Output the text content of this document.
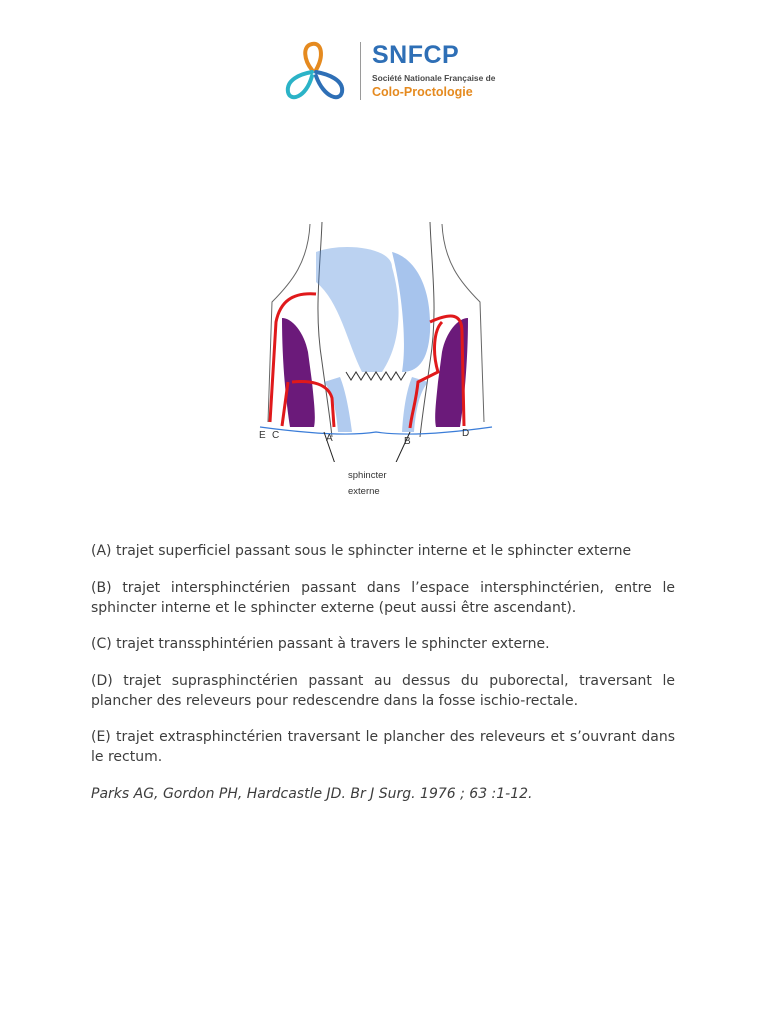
SNFCP
Société Nationale Française de
Colo-Proctologie
E C	A	B
D
sphincter
externe

(A) trajet superficiel passant sous le sphincter interne et le sphincter externe

(B) trajet intersphinctérien passant dans l’espace intersphinctérien, entre le sphincter interne et le sphincter externe (peut aussi être ascendant).

(C) trajet transsphintérien passant à travers le sphincter externe.

(D) trajet suprasphinctérien passant au dessus du puborectal, traversant le plancher des releveurs pour redescendre dans la fosse ischio-rectale.

(E) trajet extrasphinctérien traversant le plancher des releveurs et s’ouvrant dans le rectum.

Parks AG, Gordon PH, Hardcastle JD. Br J Surg. 1976 ; 63 :1-12.
